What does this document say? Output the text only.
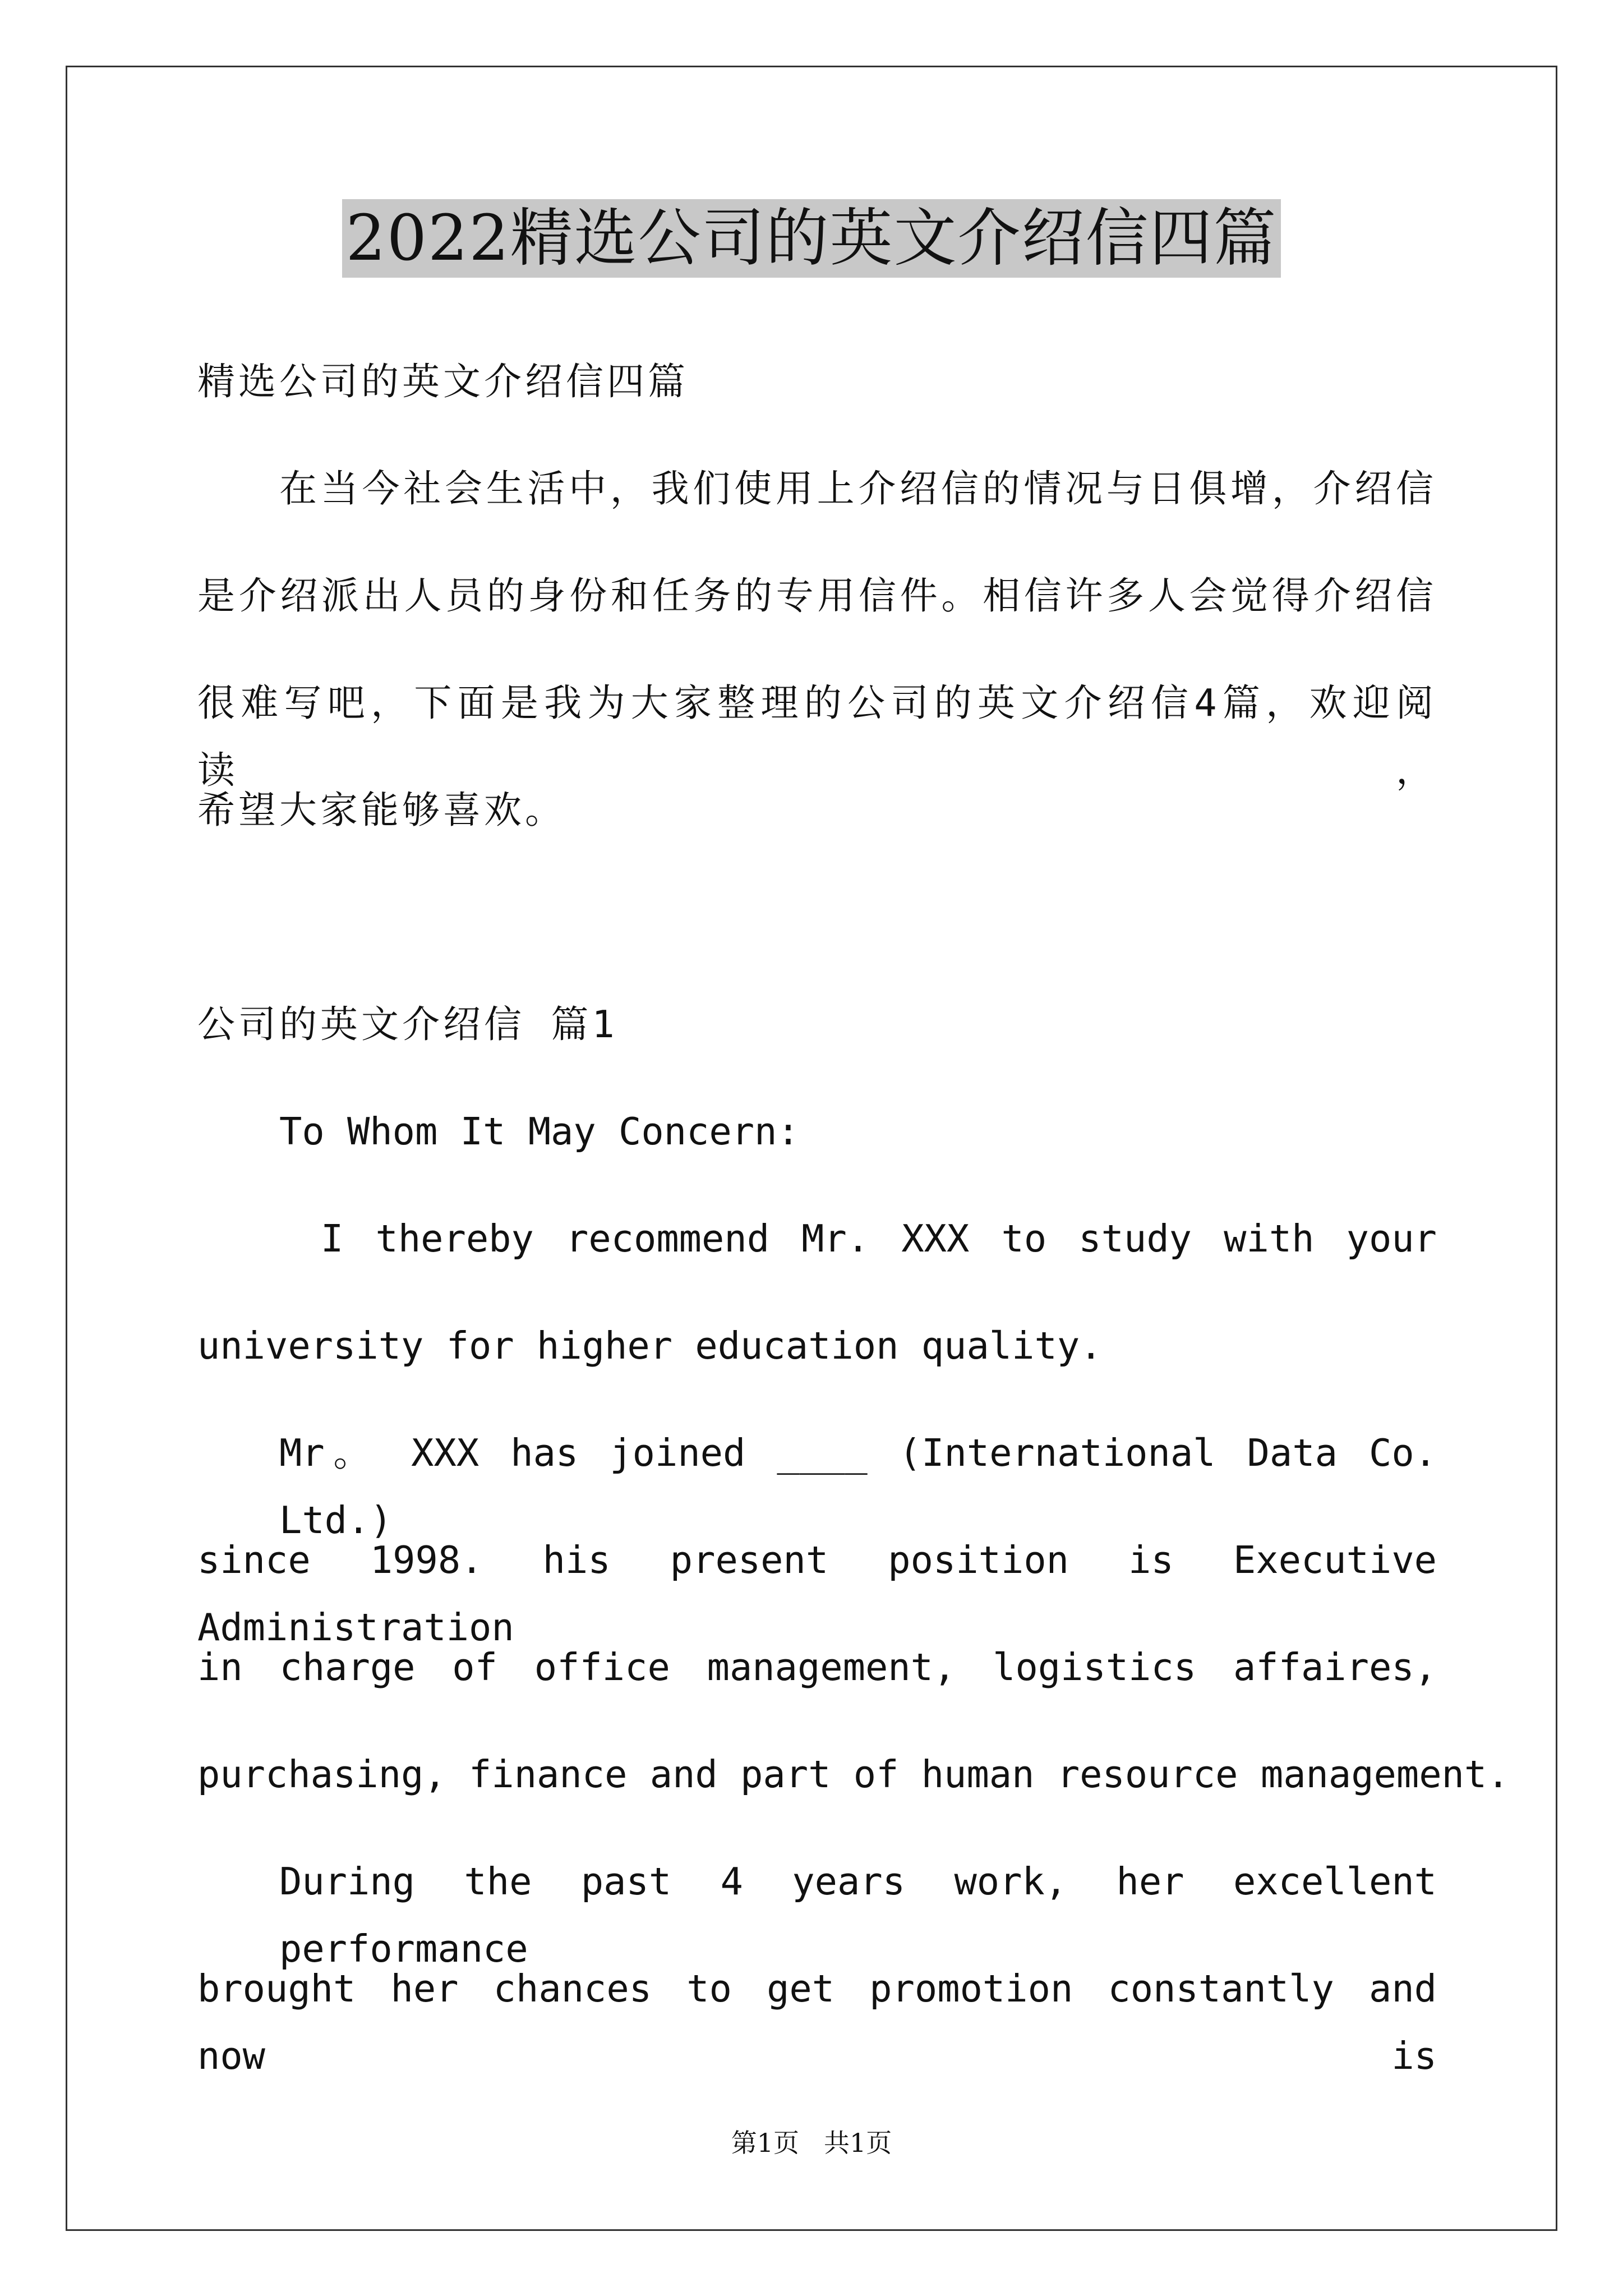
2022精选公司的英文介绍信四篇
精选公司的英文介绍信四篇
在当今社会生活中，我们使用上介绍信的情况与日俱增，介绍信
是介绍派出人员的身份和任务的专用信件。相信许多人会觉得介绍信
很难写吧，下面是我为大家整理的公司的英文介绍信4篇，欢迎阅读，
希望大家能够喜欢。
公司的英文介绍信 篇1
To Whom It May Concern:
I thereby recommend Mr. XXX to study with your
university for higher education quality.
Mr。 XXX has joined ____ (International Data Co. Ltd.)
since 1998. his present position is Executive Administration
in charge of office management, logistics affaires,
purchasing, finance and part of human resource management.
During the past 4 years work, her excellent performance
brought her chances to get promotion constantly and now is
第1页 共1页
